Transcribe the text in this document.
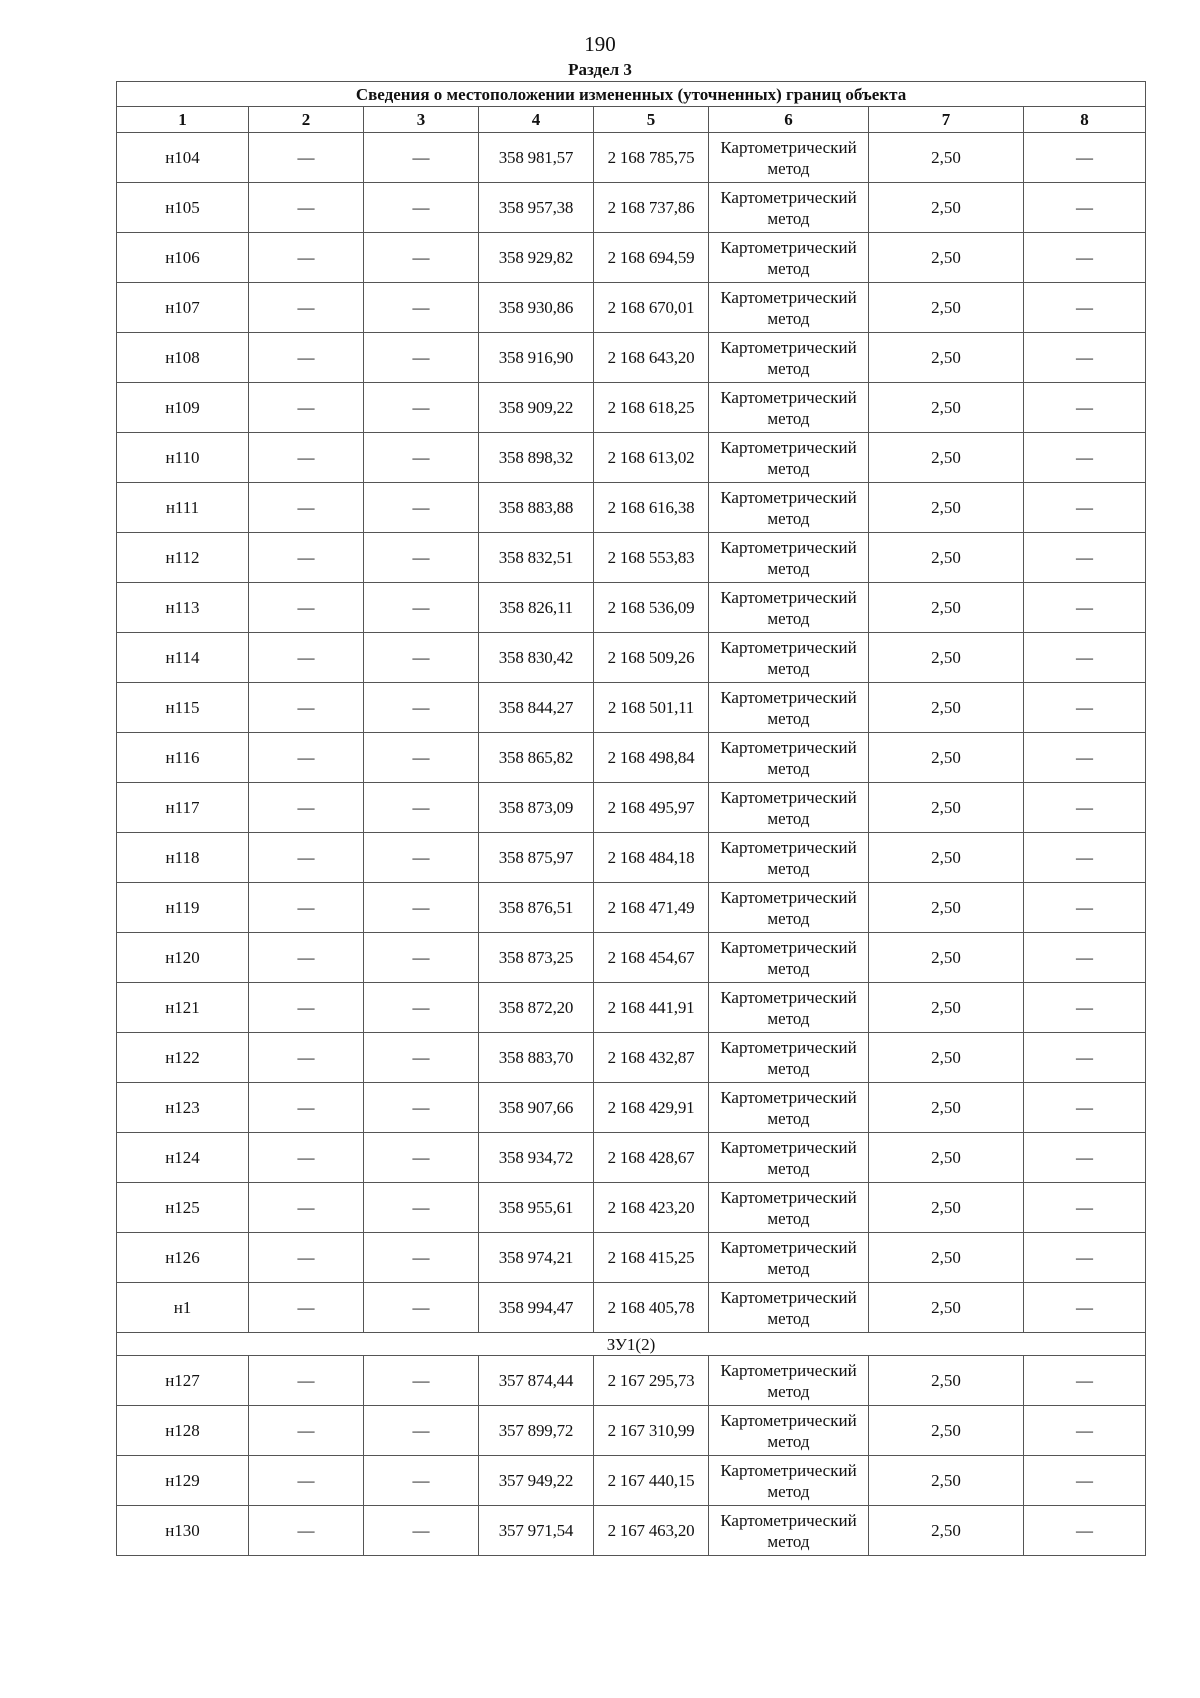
190
Раздел 3
Сведения о местоположении измененных (уточненных) границ объекта							
1	2	3	4	5	6	7	8
н104	—	—	358 981,57	2 168 785,75	Картометрический метод	2,50	—
н105	—	—	358 957,38	2 168 737,86	Картометрический метод	2,50	—
н106	—	—	358 929,82	2 168 694,59	Картометрический метод	2,50	—
н107	—	—	358 930,86	2 168 670,01	Картометрический метод	2,50	—
н108	—	—	358 916,90	2 168 643,20	Картометрический метод	2,50	—
н109	—	—	358 909,22	2 168 618,25	Картометрический метод	2,50	—
н110	—	—	358 898,32	2 168 613,02	Картометрический метод	2,50	—
н111	—	—	358 883,88	2 168 616,38	Картометрический метод	2,50	—
н112	—	—	358 832,51	2 168 553,83	Картометрический метод	2,50	—
н113	—	—	358 826,11	2 168 536,09	Картометрический метод	2,50	—
н114	—	—	358 830,42	2 168 509,26	Картометрический метод	2,50	—
н115	—	—	358 844,27	2 168 501,11	Картометрический метод	2,50	—
н116	—	—	358 865,82	2 168 498,84	Картометрический метод	2,50	—
н117	—	—	358 873,09	2 168 495,97	Картометрический метод	2,50	—
н118	—	—	358 875,97	2 168 484,18	Картометрический метод	2,50	—
н119	—	—	358 876,51	2 168 471,49	Картометрический метод	2,50	—
н120	—	—	358 873,25	2 168 454,67	Картометрический метод	2,50	—
н121	—	—	358 872,20	2 168 441,91	Картометрический метод	2,50	—
н122	—	—	358 883,70	2 168 432,87	Картометрический метод	2,50	—
н123	—	—	358 907,66	2 168 429,91	Картометрический метод	2,50	—
н124	—	—	358 934,72	2 168 428,67	Картометрический метод	2,50	—
н125	—	—	358 955,61	2 168 423,20	Картометрический метод	2,50	—
н126	—	—	358 974,21	2 168 415,25	Картометрический метод	2,50	—
н1	—	—	358 994,47	2 168 405,78	Картометрический метод	2,50	—
ЗУ1(2)							
н127	—	—	357 874,44	2 167 295,73	Картометрический метод	2,50	—
н128	—	—	357 899,72	2 167 310,99	Картометрический метод	2,50	—
н129	—	—	357 949,22	2 167 440,15	Картометрический метод	2,50	—
н130	—	—	357 971,54	2 167 463,20	Картометрический метод	2,50	—
